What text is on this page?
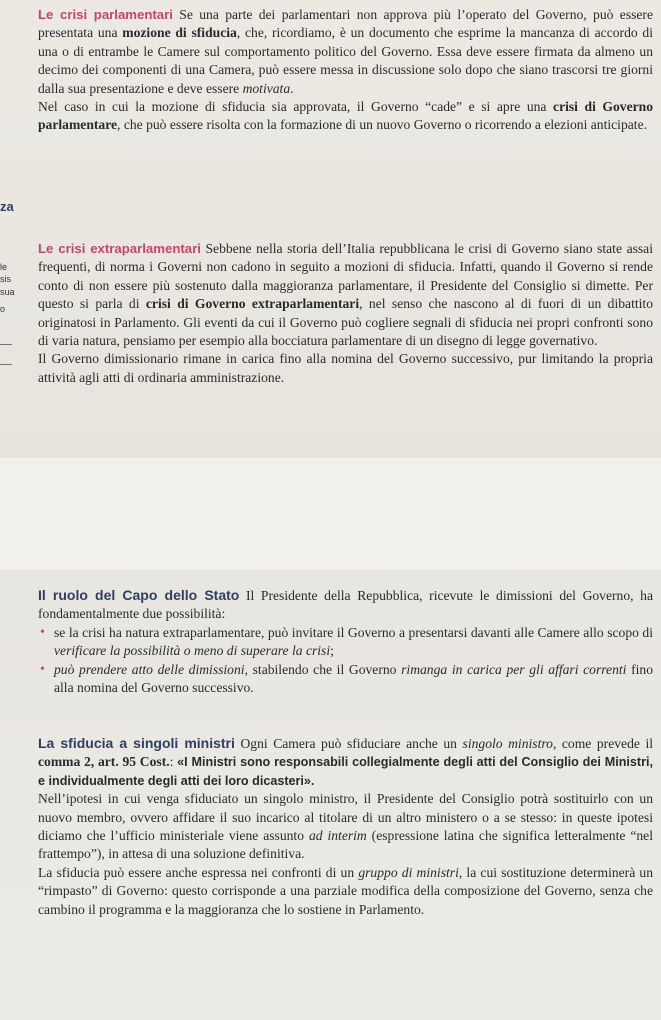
Le crisi parlamentari Se una parte dei parlamentari non approva più l’operato del Governo, può essere presentata una mozione di sfiducia, che, ricordiamo, è un documento che esprime la mancanza di accordo di una o di entrambe le Camere sul comportamento politico del Governo. Essa deve essere firmata da almeno un decimo dei componenti di una Camera, può essere messa in discussione solo dopo che siano trascorsi tre giorni dalla sua presentazione e deve essere motivata.

Nel caso in cui la mozione di sfiducia sia approvata, il Governo “cade” e si apre una crisi di Governo parlamentare, che può essere risolta con la formazione di un nuovo Governo o ricorrendo a elezioni anticipate.

Le crisi extraparlamentari Sebbene nella storia dell’Italia repubblicana le crisi di Governo siano state assai frequenti, di norma i Governi non cadono in seguito a mozioni di sfiducia. Infatti, quando il Governo si rende conto di non essere più sostenuto dalla maggioranza parlamentare, il Presidente del Consiglio si dimette. Per questo si parla di crisi di Governo extraparlamentari, nel senso che nascono al di fuori di un dibattito originatosi in Parlamento. Gli eventi da cui il Governo può cogliere segnali di sfiducia nei propri confronti sono di varia natura, pensiamo per esempio alla bocciatura parlamentare di un disegno di legge governativo.

Il Governo dimissionario rimane in carica fino alla nomina del Governo successivo, pur limitando la propria attività agli atti di ordinaria amministrazione.

Il ruolo del Capo dello Stato Il Presidente della Repubblica, ricevute le dimissioni del Governo, ha fondamentalmente due possibilità:

• se la crisi ha natura extraparlamentare, può invitare il Governo a presentarsi davanti alle Camere allo scopo di verificare la possibilità o meno di superare la crisi;

• può prendere atto delle dimissioni, stabilendo che il Governo rimanga in carica per gli affari correnti fino alla nomina del Governo successivo.

La sfiducia a singoli ministri Ogni Camera può sfiduciare anche un singolo ministro, come prevede il comma 2, art. 95 Cost.: «I Ministri sono responsabili collegialmente degli atti del Consiglio dei Ministri, e individualmente degli atti dei loro dicasteri».

Nell’ipotesi in cui venga sfiduciato un singolo ministro, il Presidente del Consiglio potrà sostituirlo con un nuovo membro, ovvero affidare il suo incarico al titolare di un altro ministero o a se stesso: in queste ipotesi diciamo che l’ufficio ministeriale viene assunto ad interim (espressione latina che significa letteralmente “nel frattempo”), in attesa di una soluzione definitiva.

La sfiducia può essere anche espressa nei confronti di un gruppo di ministri, la cui sostituzione determinerà un “rimpasto” di Governo: questo corrisponde a una parziale modifica della composizione del Governo, senza che cambino il programma e la maggioranza che lo sostiene in Parlamento.

za
le
sis
sua
o
